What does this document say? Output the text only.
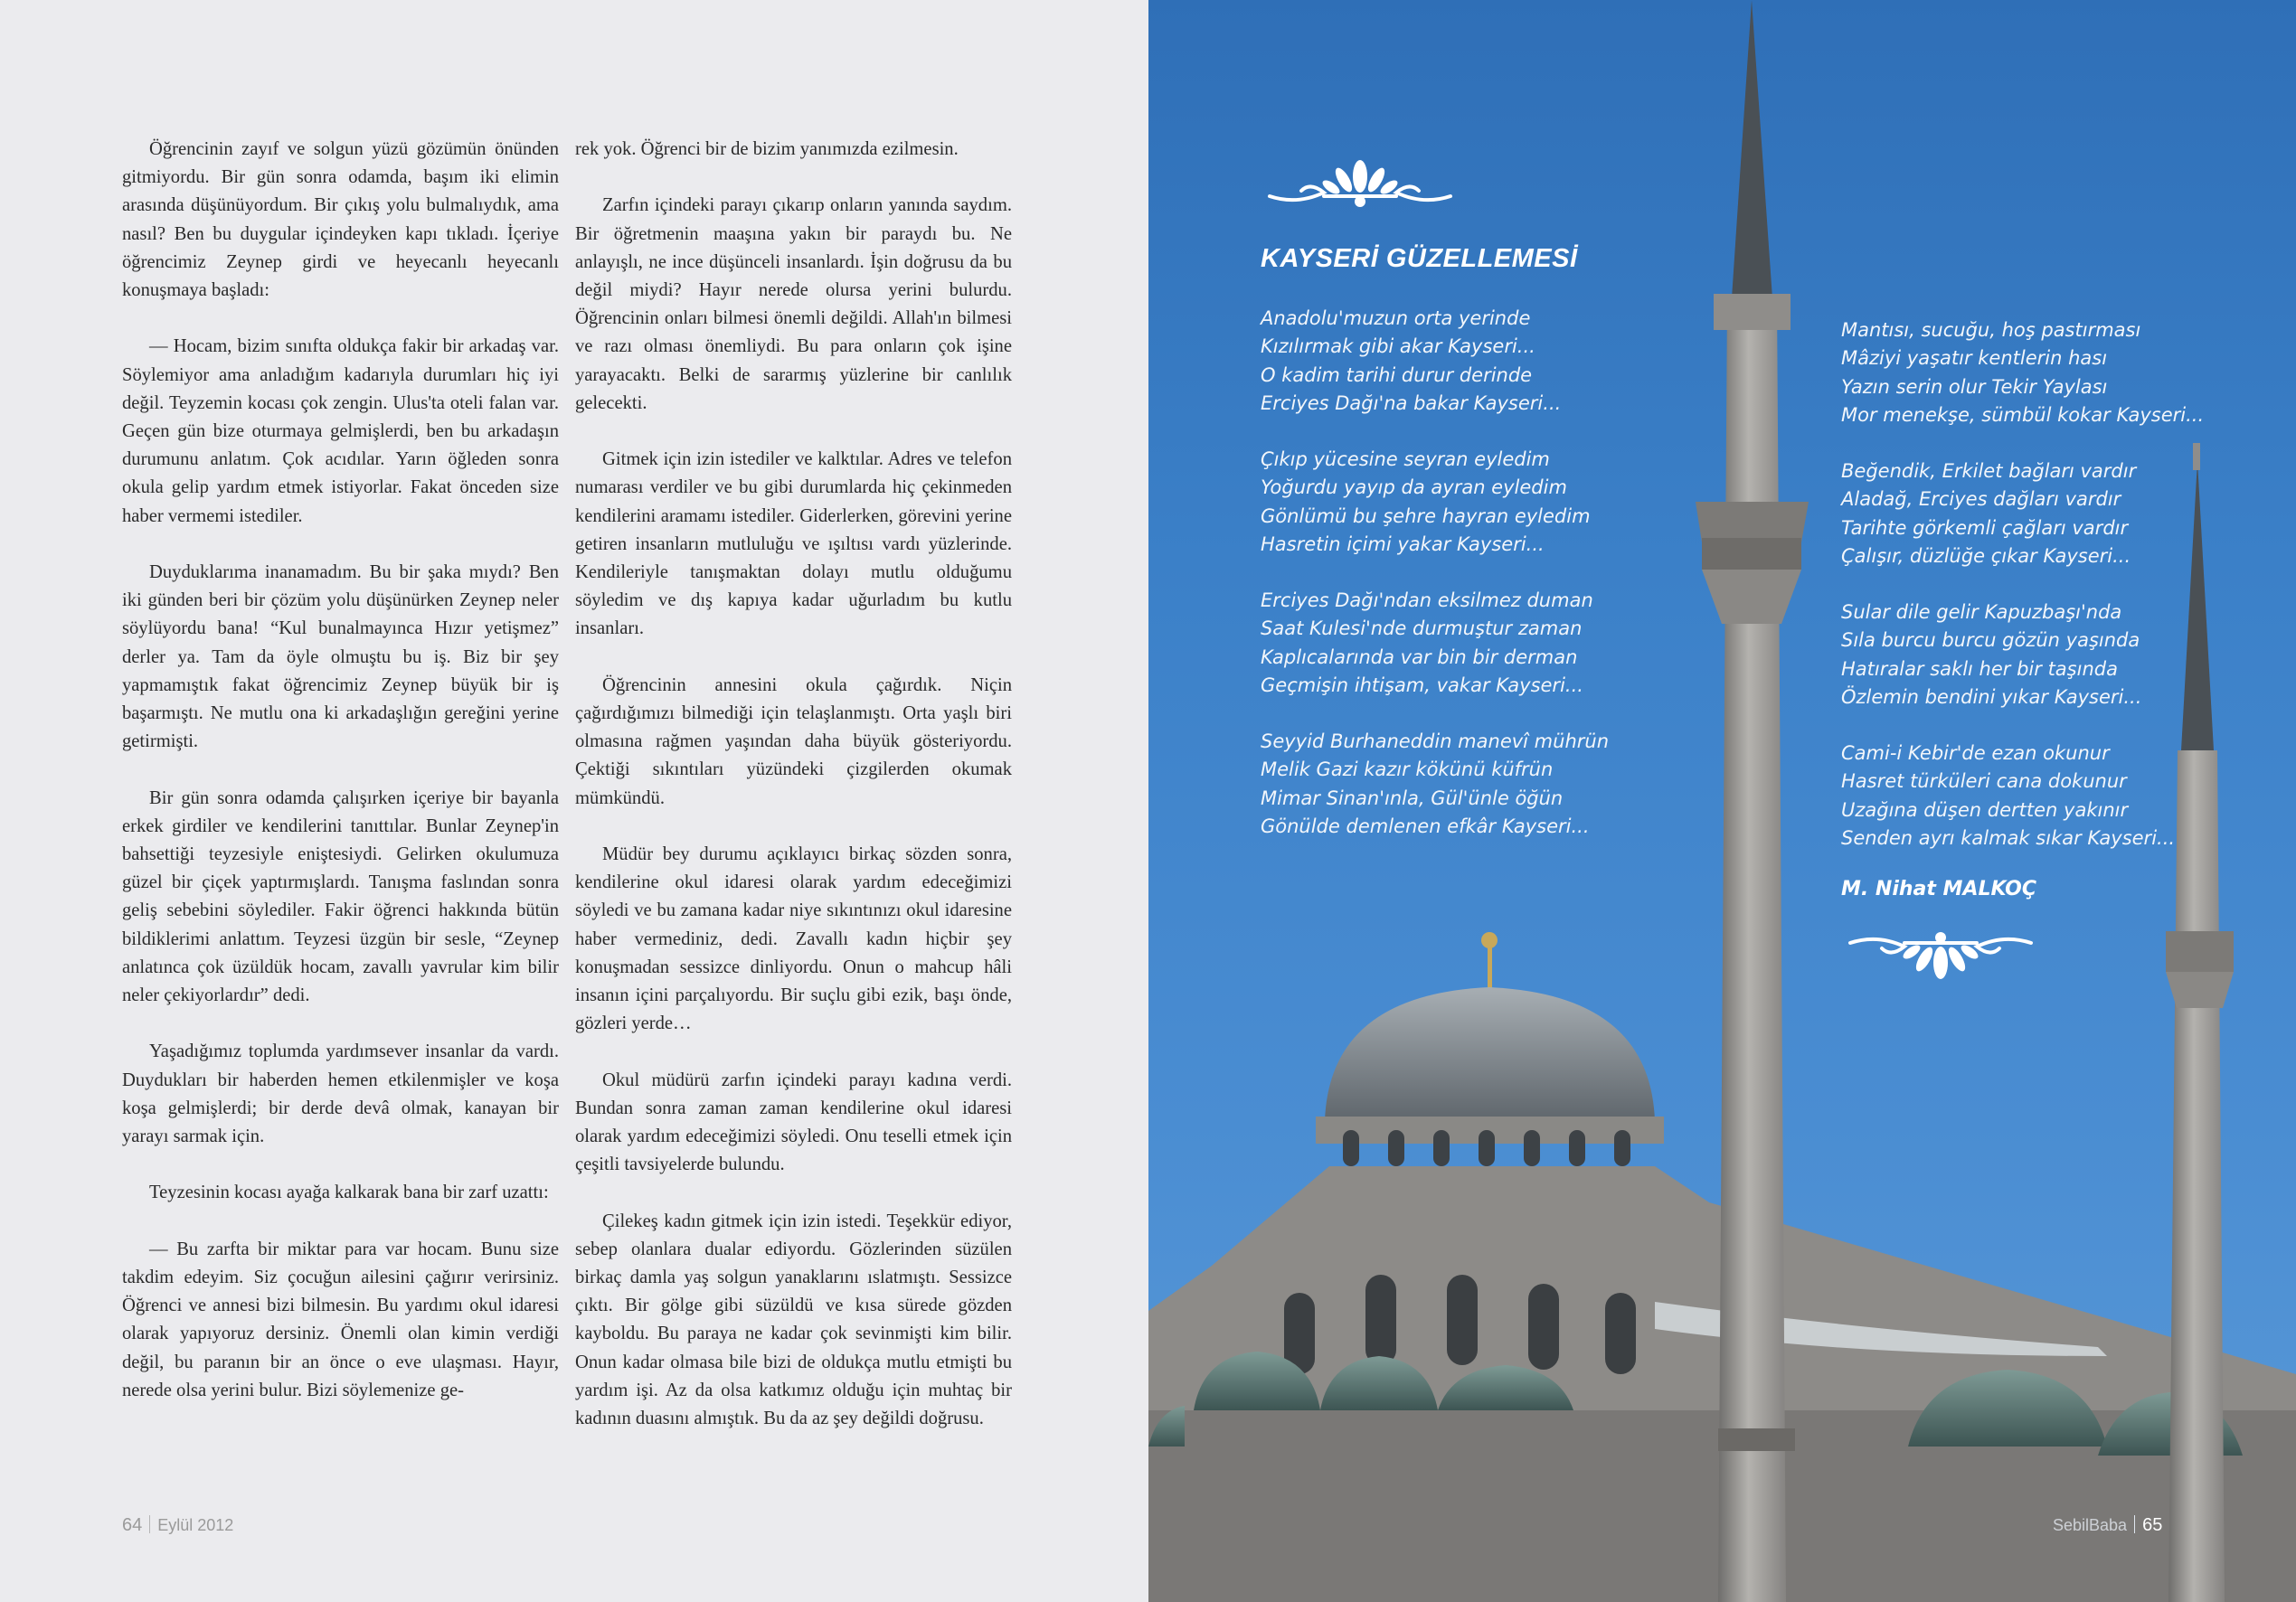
Öğrencinin zayıf ve solgun yüzü gözümün önünden gitmiyordu. Bir gün sonra odamda, başım iki elimin arasında düşünüyordum. Bir çıkış yolu bulmalıydık, ama nasıl? Ben bu duygular içindeyken kapı tıkladı. İçeriye öğrencimiz Zeynep girdi ve heyecanlı heyecanlı konuşmaya başladı:

— Hocam, bizim sınıfta oldukça fakir bir arkadaş var. Söylemiyor ama anladığım kadarıyla durumları hiç iyi değil. Teyzemin kocası çok zengin. Ulus'ta oteli falan var. Geçen gün bize oturmaya gelmişlerdi, ben bu arkadaşın durumunu anlatım. Çok acıdılar. Yarın öğleden sonra okula gelip yardım etmek istiyorlar. Fakat önceden size haber vermemi istediler.

Duyduklarıma inanamadım. Bu bir şaka mıydı? Ben iki günden beri bir çözüm yolu düşünürken Zeynep neler söylüyordu bana! “Kul bunalmayınca Hızır yetişmez” derler ya. Tam da öyle olmuştu bu iş. Biz bir şey yapmamıştık fakat öğrencimiz Zeynep büyük bir iş başarmıştı. Ne mutlu ona ki arkadaşlığın gereğini yerine getirmişti.

Bir gün sonra odamda çalışırken içeriye bir bayanla erkek girdiler ve kendilerini tanıttılar. Bunlar Zeynep'in bahsettiği teyzesiyle eniştesiydi. Gelirken okulumuza güzel bir çiçek yaptırmışlardı. Tanışma faslından sonra geliş sebebini söylediler. Fakir öğrenci hakkında bütün bildiklerimi anlattım. Teyzesi üzgün bir sesle, “Zeynep anlatınca çok üzüldük hocam, zavallı yavrular kim bilir neler çekiyorlardır” dedi.

Yaşadığımız toplumda yardımsever insanlar da vardı. Duydukları bir haberden hemen etkilenmişler ve koşa koşa gelmişlerdi; bir derde devâ olmak, kanayan bir yarayı sarmak için.

Teyzesinin kocası ayağa kalkarak bana bir zarf uzattı:

— Bu zarfta bir miktar para var hocam. Bunu size takdim edeyim. Siz çocuğun ailesini çağırır verirsiniz. Öğrenci ve annesi bizi bilmesin. Bu yardımı okul idaresi olarak yapıyoruz dersiniz. Önemli olan kimin verdiği değil, bu paranın bir an önce o eve ulaşması. Hayır, nerede olsa yerini bulur. Bizi söylemenize ge-

rek yok. Öğrenci bir de bizim yanımızda ezilmesin.

Zarfın içindeki parayı çıkarıp onların yanında saydım. Bir öğretmenin maaşına yakın bir paraydı bu. Ne anlayışlı, ne ince düşünceli insanlardı. İşin doğrusu da bu değil miydi? Hayır nerede olursa yerini bulurdu. Öğrencinin onları bilmesi önemli değildi. Allah'ın bilmesi ve razı olması önemliydi. Bu para onların çok işine yarayacaktı. Belki de sararmış yüzlerine bir canlılık gelecekti.

Gitmek için izin istediler ve kalktılar. Adres ve telefon numarası verdiler ve bu gibi durumlarda hiç çekinmeden kendilerini aramamı istediler. Giderlerken, görevini yerine getiren insanların mutluluğu ve ışıltısı vardı yüzlerinde. Kendileriyle tanışmaktan dolayı mutlu olduğumu söyledim ve dış kapıya kadar uğurladım bu kutlu insanları.

Öğrencinin annesini okula çağırdık. Niçin çağırdığımızı bilmediği için telaşlanmıştı. Orta yaşlı biri olmasına rağmen yaşından daha büyük gösteriyordu. Çektiği sıkıntıları yüzündeki çizgilerden okumak mümkündü.

Müdür bey durumu açıklayıcı birkaç sözden sonra, kendilerine okul idaresi olarak yardım edeceğimizi söyledi ve bu zamana kadar niye sıkıntınızı okul idaresine haber vermediniz, dedi. Zavallı kadın hiçbir şey konuşmadan sessizce dinliyordu. Onun o mahcup hâli insanın içini parçalıyordu. Bir suçlu gibi ezik, başı önde, gözleri yerde…

Okul müdürü zarfın içindeki parayı kadına verdi. Bundan sonra zaman zaman kendilerine okul idaresi olarak yardım edeceğimizi söyledi. Onu teselli etmek için çeşitli tavsiyelerde bulundu.

Çilekeş kadın gitmek için izin istedi. Teşekkür ediyor, sebep olanlara dualar ediyordu. Gözlerinden süzülen birkaç damla yaş solgun yanaklarını ıslatmıştı. Sessizce çıktı. Bir gölge gibi süzüldü ve kısa sürede gözden kayboldu. Bu paraya ne kadar çok sevinmişti kim bilir. Onun kadar olmasa bile bizi de oldukça mutlu etmişti bu yardım işi. Az da olsa katkımız olduğu için muhtaç bir kadının duasını almıştık. Bu da az şey değildi doğrusu.

64 Eylül 2012
KAYSERİ GÜZELLEMESİ
Anadolu'muzun orta yerinde
Kızılırmak gibi akar Kayseri...
O kadim tarihi durur derinde
Erciyes Dağı'na bakar Kayseri...
Çıkıp yücesine seyran eyledim
Yoğurdu yayıp da ayran eyledim
Gönlümü bu şehre hayran eyledim
Hasretin içimi yakar Kayseri...
Erciyes Dağı'ndan eksilmez duman
Saat Kulesi'nde durmuştur zaman
Kaplıcalarında var bin bir derman
Geçmişin ihtişam, vakar Kayseri...
Seyyid Burhaneddin manevî mührün
Melik Gazi kazır kökünü küfrün
Mimar Sinan'ınla, Gül'ünle öğün
Gönülde demlenen efkâr Kayseri...
Mantısı, sucuğu, hoş pastırması
Mâziyi yaşatır kentlerin hası
Yazın serin olur Tekir Yaylası
Mor menekşe, sümbül kokar Kayseri...
Beğendik, Erkilet bağları vardır
Aladağ, Erciyes dağları vardır
Tarihte görkemli çağları vardır
Çalışır, düzlüğe çıkar Kayseri...
Sular dile gelir Kapuzbaşı'nda
Sıla burcu burcu gözün yaşında
Hatıralar saklı her bir taşında
Özlemin bendini yıkar Kayseri...
Cami-i Kebir'de ezan okunur
Hasret türküleri cana dokunur
Uzağına düşen dertten yakınır
Senden ayrı kalmak sıkar Kayseri...
M. Nihat MALKOÇ
SebilBaba 65
